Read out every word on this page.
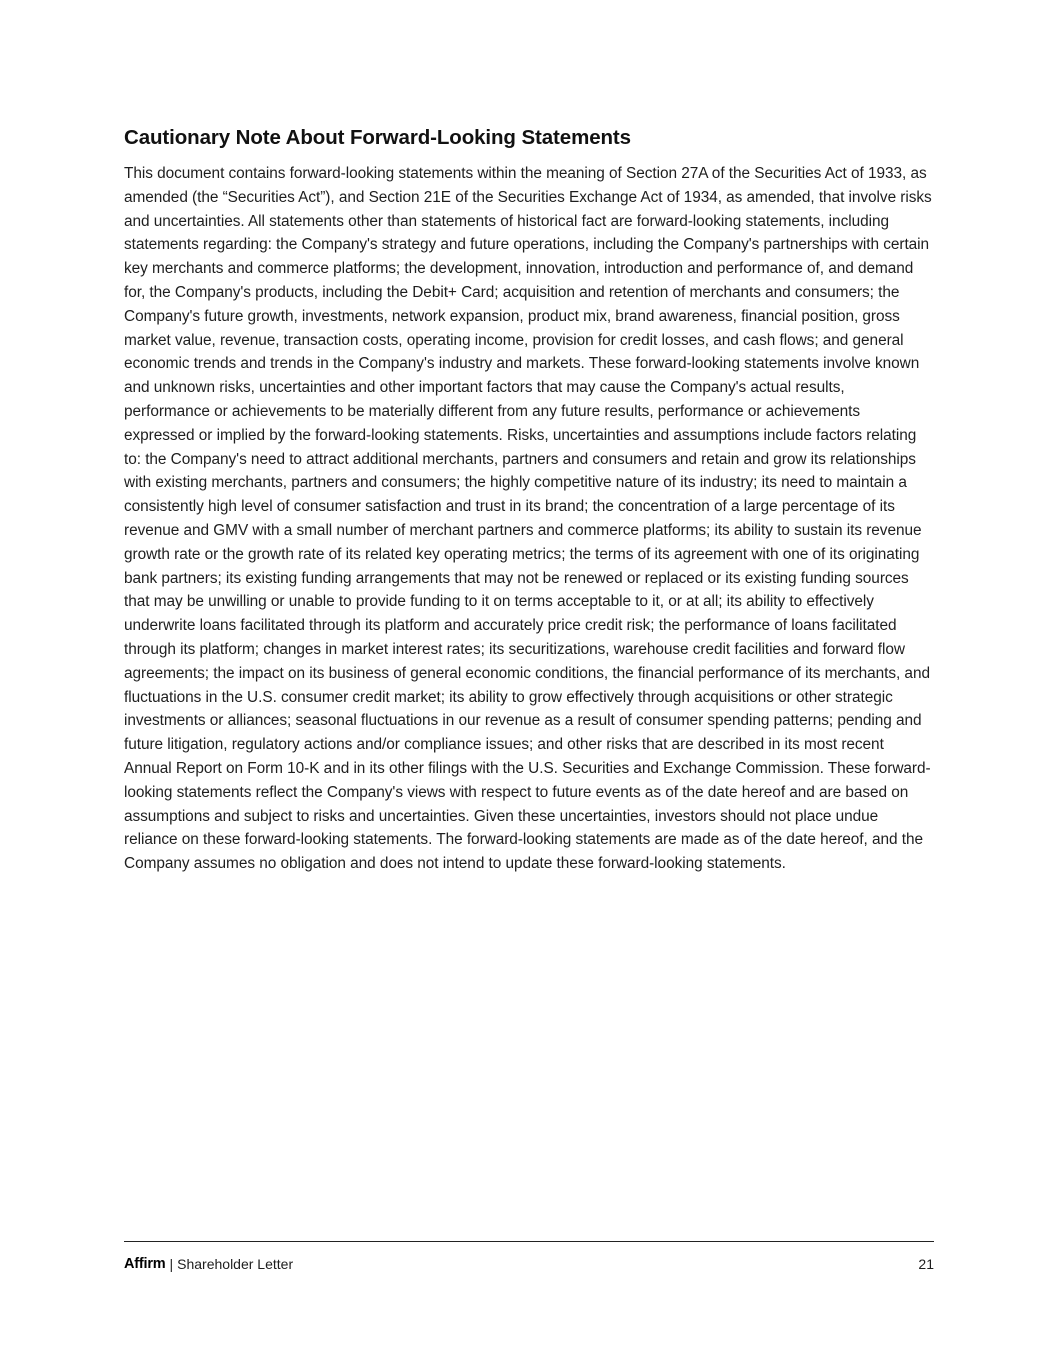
Cautionary Note About Forward-Looking Statements

This document contains forward-looking statements within the meaning of Section 27A of the Securities Act of 1933, as amended (the “Securities Act”), and Section 21E of the Securities Exchange Act of 1934, as amended, that involve risks and uncertainties. All statements other than statements of historical fact are forward-looking statements, including statements regarding: the Company's strategy and future operations, including the Company's partnerships with certain key merchants and commerce platforms; the development, innovation, introduction and performance of, and demand for, the Company's products, including the Debit+ Card; acquisition and retention of merchants and consumers; the Company's future growth, investments, network expansion, product mix, brand awareness, financial position, gross market value, revenue, transaction costs, operating income, provision for credit losses, and cash flows; and general economic trends and trends in the Company's industry and markets. These forward-looking statements involve known and unknown risks, uncertainties and other important factors that may cause the Company's actual results, performance or achievements to be materially different from any future results, performance or achievements expressed or implied by the forward-looking statements. Risks, uncertainties and assumptions include factors relating to: the Company's need to attract additional merchants, partners and consumers and retain and grow its relationships with existing merchants, partners and consumers; the highly competitive nature of its industry; its need to maintain a consistently high level of consumer satisfaction and trust in its brand; the concentration of a large percentage of its revenue and GMV with a small number of merchant partners and commerce platforms; its ability to sustain its revenue growth rate or the growth rate of its related key operating metrics; the terms of its agreement with one of its originating bank partners; its existing funding arrangements that may not be renewed or replaced or its existing funding sources that may be unwilling or unable to provide funding to it on terms acceptable to it, or at all; its ability to effectively underwrite loans facilitated through its platform and accurately price credit risk; the performance of loans facilitated through its platform; changes in market interest rates; its securitizations, warehouse credit facilities and forward flow agreements; the impact on its business of general economic conditions, the financial performance of its merchants, and fluctuations in the U.S. consumer credit market; its ability to grow effectively through acquisitions or other strategic investments or alliances; seasonal fluctuations in our revenue as a result of consumer spending patterns; pending and future litigation, regulatory actions and/or compliance issues; and other risks that are described in its most recent Annual Report on Form 10-K and in its other filings with the U.S. Securities and Exchange Commission. These forward-looking statements reflect the Company's views with respect to future events as of the date hereof and are based on assumptions and subject to risks and uncertainties. Given these uncertainties, investors should not place undue reliance on these forward-looking statements. The forward-looking statements are made as of the date hereof, and the Company assumes no obligation and does not intend to update these forward-looking statements.

Affirm | Shareholder Letter	21
